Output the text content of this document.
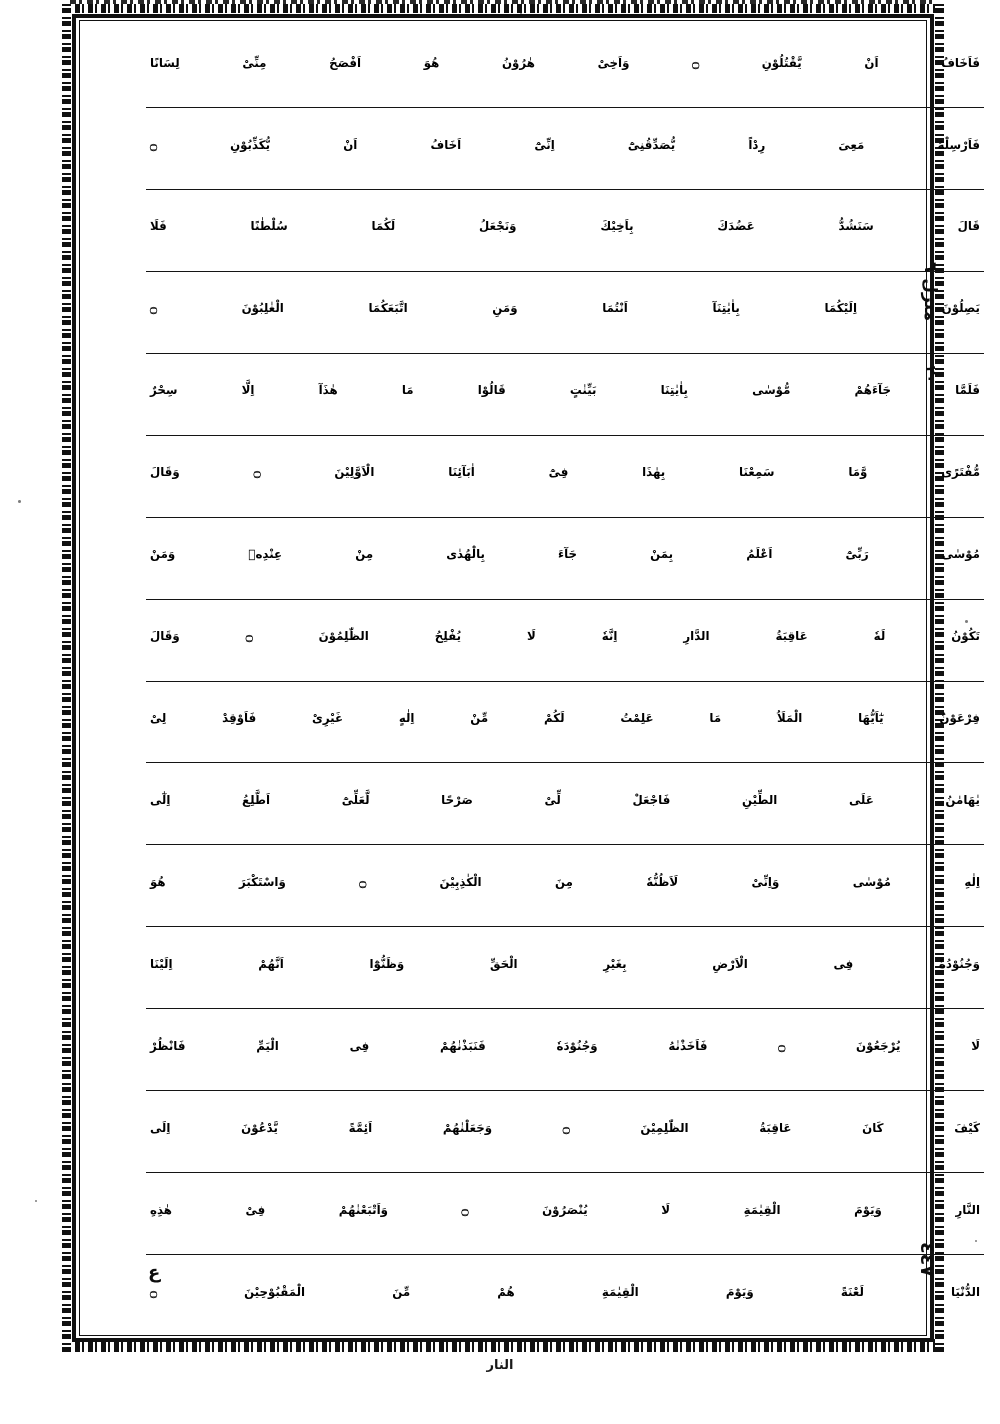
فَاَخَافُ اَنْ يَّقْتُلُوْنِ ۝ وَاَخِىْ هٰرُوْنُ هُوَ اَفْصَحُ مِنِّىْ لِسَانًا
فَاَرْسِلْهُ مَعِىَ رِدْاً يُّصَدِّقُنِىْٓ اِنِّىْٓ اَخَافُ اَنْ يُّكَذِّبُوْنِ ۝
قَالَ سَنَشُدُّ عَضُدَكَ بِاَخِيْكَ وَنَجْعَلُ لَكُمَا سُلْطٰنًا فَلَا
يَصِلُوْنَ اِلَيْكُمَا بِاٰيٰتِنَآ اَنْتُمَا وَمَنِ اتَّبَعَكُمَا الْغٰلِبُوْنَ ۝
فَلَمَّا جَآءَهُمْ مُّوْسٰى بِاٰيٰتِنَا بَيِّنٰتٍ قَالُوْا مَا هٰذَآ اِلَّا سِحْرٌ
مُّفْتَرًى وَّمَا سَمِعْنَا بِهٰذَا فِىْٓ اٰبَآئِنَا الْاَوَّلِيْنَ ۝ وَقَالَ
مُوْسٰى رَبِّىْٓ اَعْلَمُ بِمَنْ جَآءَ بِالْهُدٰى مِنْ عِنْدِهٖ وَمَنْ
تَكُوْنُ لَهٗ عَاقِبَةُ الدَّارِ اِنَّهٗ لَا يُفْلِحُ الظّٰلِمُوْنَ ۝ وَقَالَ
فِرْعَوْنُ يٰٓاَيُّهَا الْمَلَاُ مَا عَلِمْتُ لَكُمْ مِّنْ اِلٰهٍ غَيْرِىْ فَاَوْقِدْ لِىْ
يٰهَامٰنُ عَلَى الطِّيْنِ فَاجْعَلْ لِّىْ صَرْحًا لَّعَلِّىْٓ اَطَّلِعُ اِلٰٓى
اِلٰهِ مُوْسٰى وَاِنِّىْ لَاَظُنُّهٗ مِنَ الْكٰذِبِيْنَ ۝ وَاسْتَكْبَرَ هُوَ
وَجُنُوْدُهٗ فِى الْاَرْضِ بِغَيْرِ الْحَقِّ وَظَنُّوْٓا اَنَّهُمْ اِلَيْنَا
لَا يُرْجَعُوْنَ ۝ فَاَخَذْنٰهُ وَجُنُوْدَهٗ فَنَبَذْنٰهُمْ فِى الْيَمِّ فَانْظُرْ
كَيْفَ كَانَ عَاقِبَةُ الظّٰلِمِيْنَ ۝ وَجَعَلْنٰهُمْ اَئِمَّةً يَّدْعُوْنَ اِلَى
النَّارِ وَيَوْمَ الْقِيٰمَةِ لَا يُنْصَرُوْنَ ۝ وَاَتْبَعْنٰهُمْ فِىْ هٰذِهِ
الدُّنْيَا لَعْنَةً وَيَوْمَ الْقِيٰمَةِ هُمْ مِّنَ الْمَقْبُوْحِيْنَ ۝
منزل ٦
٢٠
٤٤٧
ع
النار
